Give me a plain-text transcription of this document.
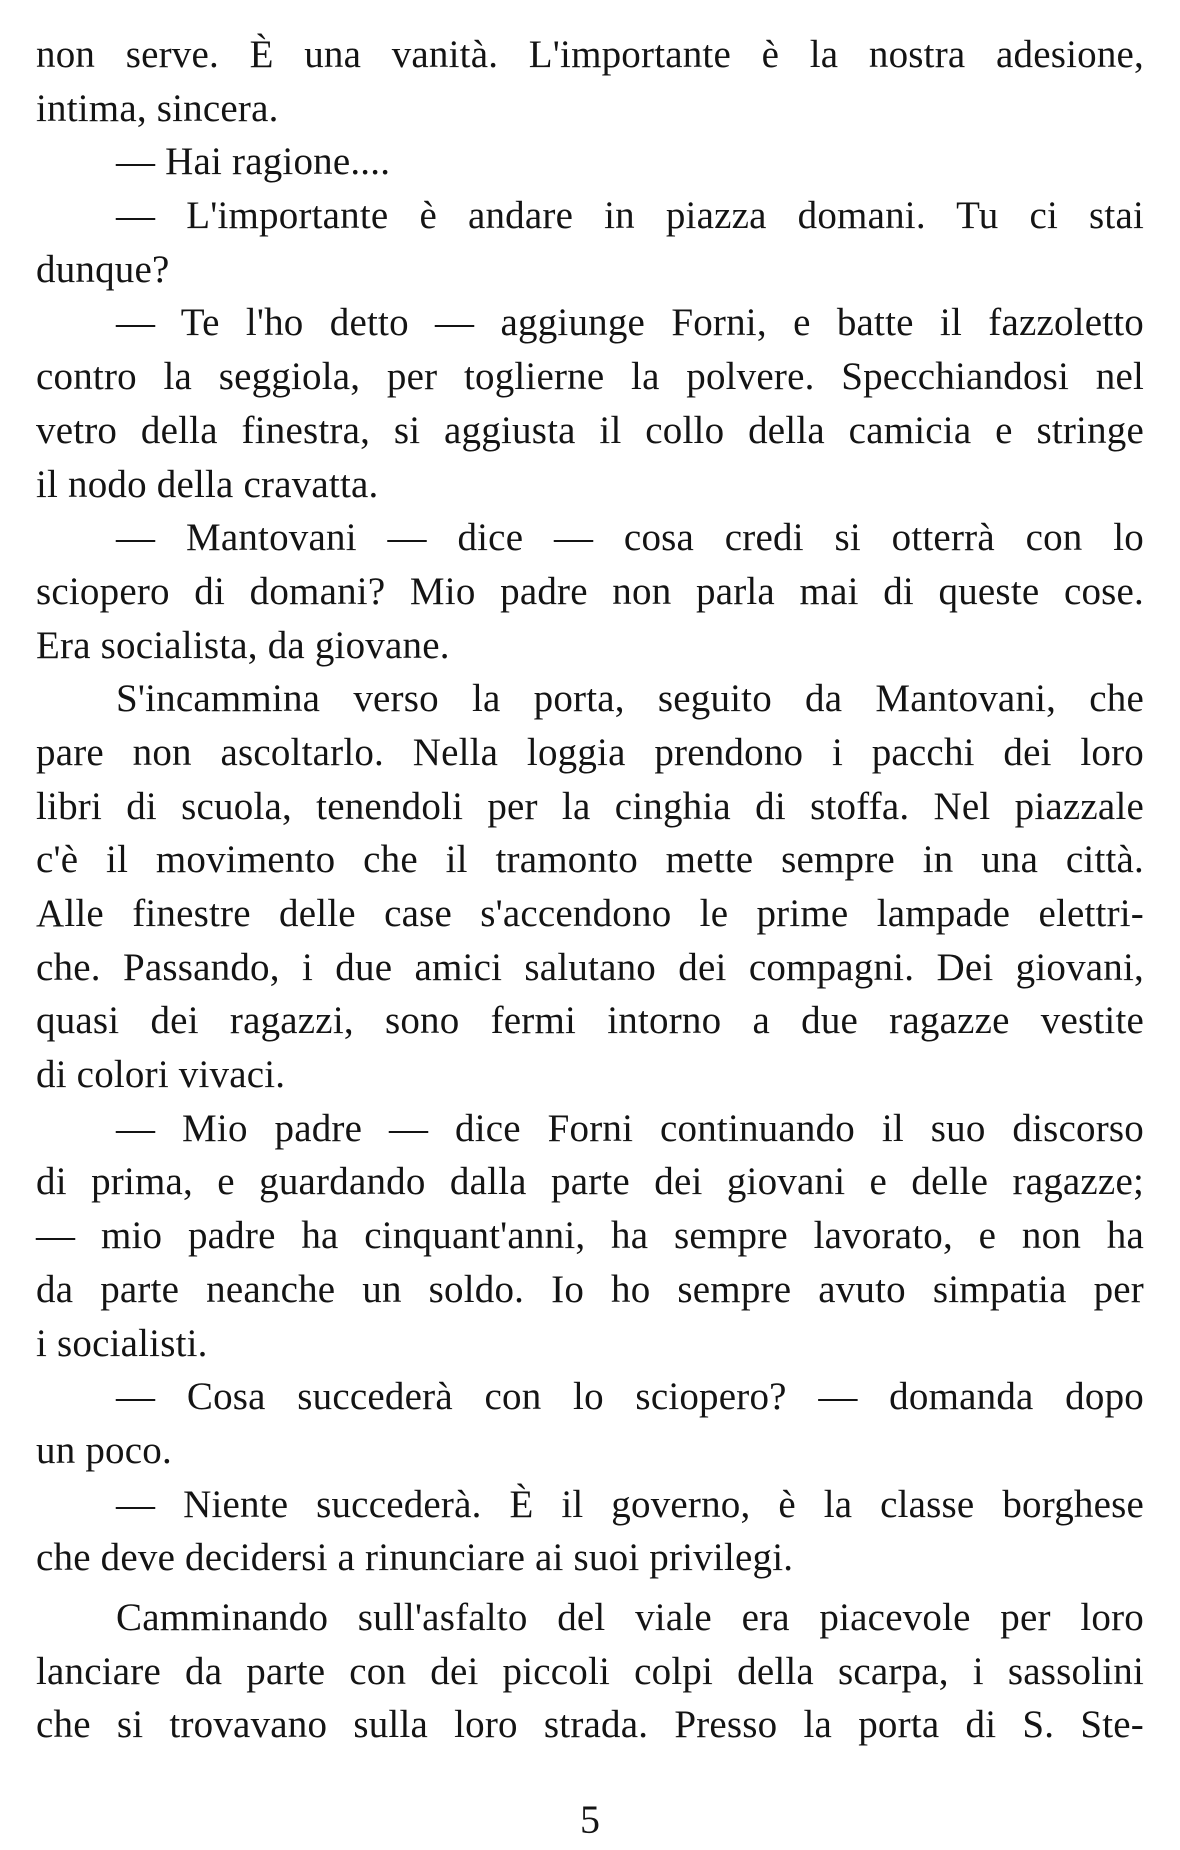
non serve. È una vanità. L'importante è la nostra adesione,
intima, sincera.
— Hai ragione....
— L'importante è andare in piazza domani. Tu ci stai
dunque?
— Te l'ho detto — aggiunge Forni, e batte il fazzoletto
contro la seggiola, per toglierne la polvere. Specchiandosi nel
vetro della finestra, si aggiusta il collo della camicia e stringe
il nodo della cravatta.
— Mantovani — dice — cosa credi si otterrà con lo
sciopero di domani? Mio padre non parla mai di queste cose.
Era socialista, da giovane.
S'incammina verso la porta, seguito da Mantovani, che
pare non ascoltarlo. Nella loggia prendono i pacchi dei loro
libri di scuola, tenendoli per la cinghia di stoffa. Nel piazzale
c'è il movimento che il tramonto mette sempre in una città.
Alle finestre delle case s'accendono le prime lampade elettri-
che. Passando, i due amici salutano dei compagni. Dei giovani,
quasi dei ragazzi, sono fermi intorno a due ragazze vestite
di colori vivaci.
— Mio padre — dice Forni continuando il suo discorso
di prima, e guardando dalla parte dei giovani e delle ragazze;
— mio padre ha cinquant'anni, ha sempre lavorato, e non ha
da parte neanche un soldo. Io ho sempre avuto simpatia per
i socialisti.
— Cosa succederà con lo sciopero? — domanda dopo
un poco.
— Niente succederà. È il governo, è la classe borghese
che deve decidersi a rinunciare ai suoi privilegi.
Camminando sull'asfalto del viale era piacevole per loro
lanciare da parte con dei piccoli colpi della scarpa, i sassolini
che si trovavano sulla loro strada. Presso la porta di S. Ste-
5
